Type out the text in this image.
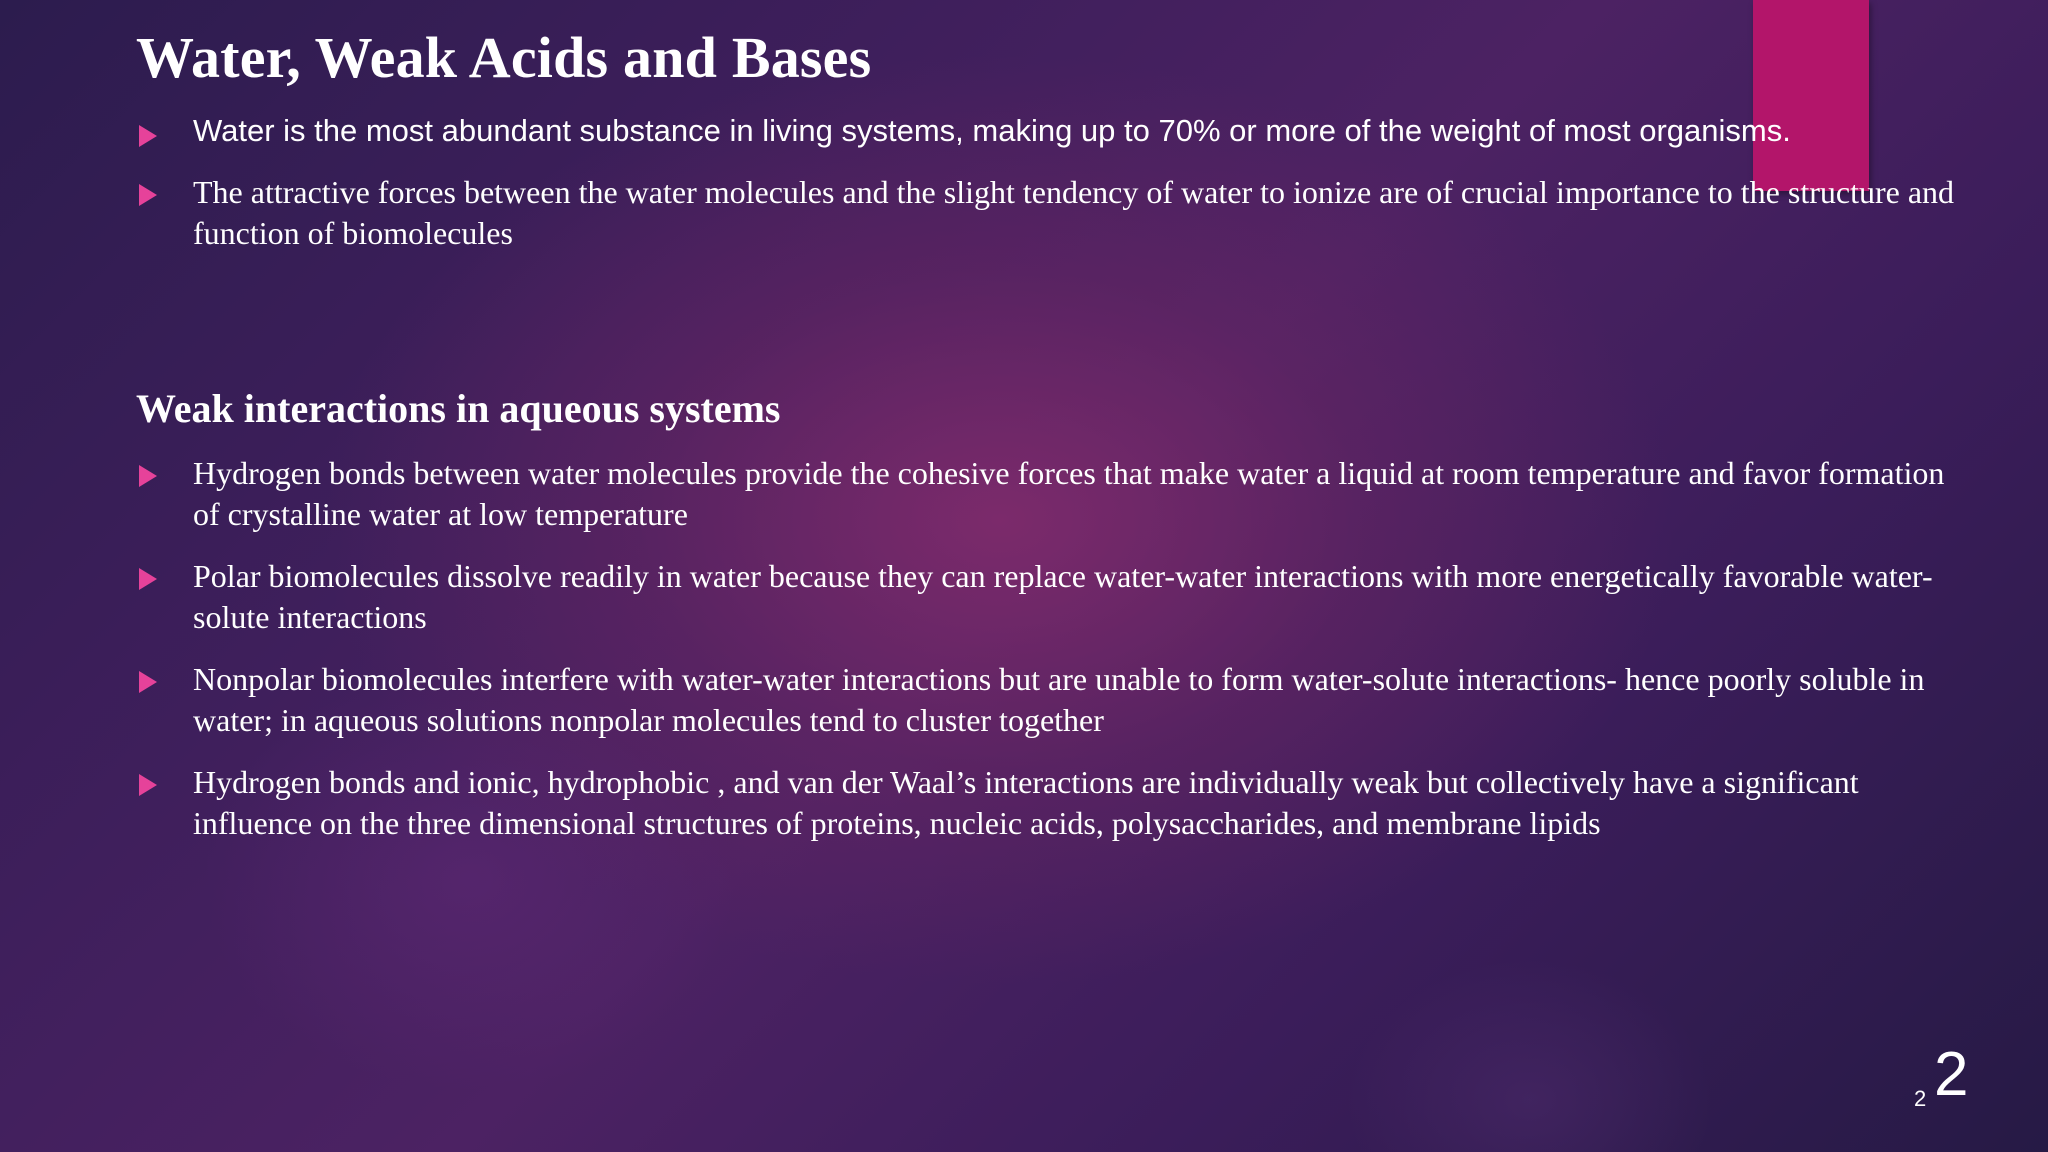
Water, Weak Acids and Bases
Water is the most abundant substance in living systems, making up to 70% or more of the weight of most organisms.
The attractive forces between the water molecules and the slight tendency of water to ionize are of crucial importance to the structure and function of biomolecules
Weak interactions in aqueous systems
Hydrogen bonds between water molecules provide the cohesive forces that make water a liquid at room temperature and favor formation of crystalline water at low temperature
Polar biomolecules dissolve readily in water because they can replace water-water interactions with more energetically favorable water-solute interactions
Nonpolar biomolecules interfere with water-water interactions but are unable to form water-solute interactions- hence poorly soluble in water; in aqueous solutions nonpolar molecules tend to cluster together
Hydrogen bonds and ionic, hydrophobic , and van der Waal’s interactions are individually weak but collectively have a significant influence on the three dimensional structures of proteins, nucleic acids, polysaccharides, and membrane lipids
2 2
